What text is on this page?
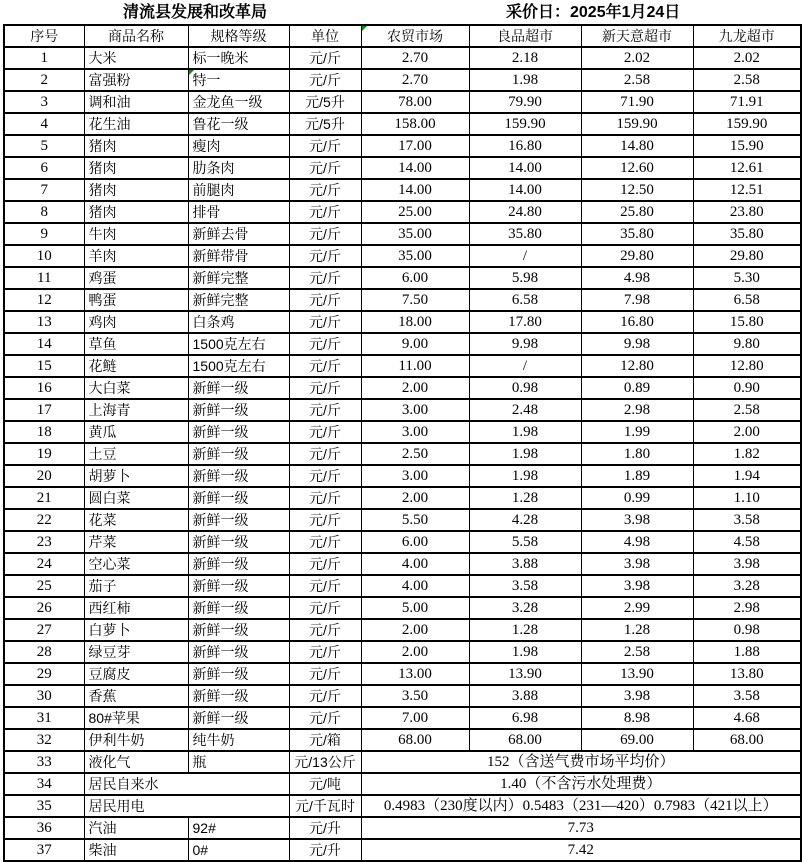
清流县发展和改革局	采价日：2025年1月24日
序号	商品名称	规格等级	单位	农贸市场	良品超市	新天意超市	九龙超市
1	大米	标一晚米	元/斤	2.70	2.18	2.02	2.02
2	富强粉	特一	元/斤	2.70	1.98	2.58	2.58
3	调和油	金龙鱼一级	元/5升	78.00	79.90	71.90	71.91
4	花生油	鲁花一级	元/5升	158.00	159.90	159.90	159.90
5	猪肉	瘦肉	元/斤	17.00	16.80	14.80	15.90
6	猪肉	肋条肉	元/斤	14.00	14.00	12.60	12.61
7	猪肉	前腿肉	元/斤	14.00	14.00	12.50	12.51
8	猪肉	排骨	元/斤	25.00	24.80	25.80	23.80
9	牛肉	新鲜去骨	元/斤	35.00	35.80	35.80	35.80
10	羊肉	新鲜带骨	元/斤	35.00	/	29.80	29.80
11	鸡蛋	新鲜完整	元/斤	6.00	5.98	4.98	5.30
12	鸭蛋	新鲜完整	元/斤	7.50	6.58	7.98	6.58
13	鸡肉	白条鸡	元/斤	18.00	17.80	16.80	15.80
14	草鱼	1500克左右	元/斤	9.00	9.98	9.98	9.80
15	花鲢	1500克左右	元/斤	11.00	/	12.80	12.80
16	大白菜	新鲜一级	元/斤	2.00	0.98	0.89	0.90
17	上海青	新鲜一级	元/斤	3.00	2.48	2.98	2.58
18	黄瓜	新鲜一级	元/斤	3.00	1.98	1.99	2.00
19	土豆	新鲜一级	元/斤	2.50	1.98	1.80	1.82
20	胡萝卜	新鲜一级	元/斤	3.00	1.98	1.89	1.94
21	圆白菜	新鲜一级	元/斤	2.00	1.28	0.99	1.10
22	花菜	新鲜一级	元/斤	5.50	4.28	3.98	3.58
23	芹菜	新鲜一级	元/斤	6.00	5.58	4.98	4.58
24	空心菜	新鲜一级	元/斤	4.00	3.88	3.98	3.98
25	茄子	新鲜一级	元/斤	4.00	3.58	3.98	3.28
26	西红柿	新鲜一级	元/斤	5.00	3.28	2.99	2.98
27	白萝卜	新鲜一级	元/斤	2.00	1.28	1.28	0.98
28	绿豆芽	新鲜一级	元/斤	2.00	1.98	2.58	1.88
29	豆腐皮	新鲜一级	元/斤	13.00	13.90	13.90	13.80
30	香蕉	新鲜一级	元/斤	3.50	3.88	3.98	3.58
31	80#苹果	新鲜一级	元/斤	7.00	6.98	8.98	4.68
32	伊利牛奶	纯牛奶	元/箱	68.00	68.00	69.00	68.00
33	液化气	瓶	元/13公斤	152（含送气费市场平均价）			
34	居民自来水		元/吨	1.40（不含污水处理费）			
35	居民用电		元/千瓦时	0.4983（230度以内）0.5483（231—420）0.7983（421以上）			
36	汽油	92#	元/升	7.73			
37	柴油	0#	元/升	7.42			
